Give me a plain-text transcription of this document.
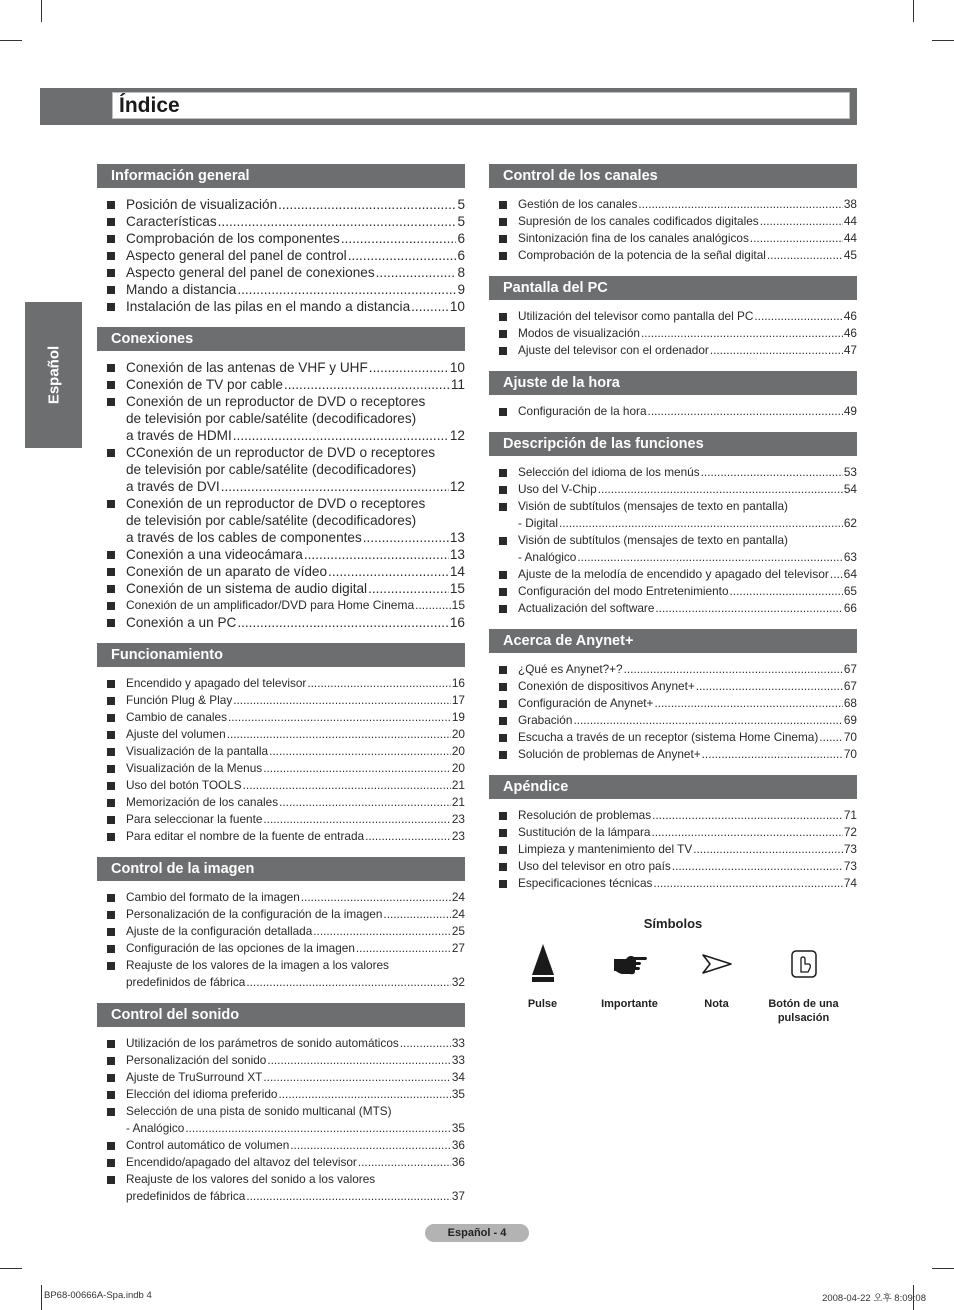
Índice
Español
Información general
Posición de visualización .....	5
Características .....	5
Comprobación de los componentes .....	6
Aspecto general del panel de control .....	6
Aspecto general del panel de conexiones .....	8
Mando a distancia .....	9
Instalación de las pilas en el mando a distancia .....	10
Conexiones
Conexión de las antenas de VHF y UHF .....	10
Conexión de TV por cable .....	11
Conexión de un reproductor de DVD o receptores
de televisión por cable/satélite (decodificadores)
a través de HDMI .....	12
CConexión de un reproductor de DVD o receptores
de televisión por cable/satélite (decodificadores)
a través de DVI .....	12
Conexión de un reproductor de DVD o receptores
de televisión por cable/satélite (decodificadores)
a través de los cables de componentes .....	13
Conexión a una videocámara .....	13
Conexión de un aparato de vídeo .....	14
Conexión de un sistema de audio digital .....	15
Conexión de un amplificador/DVD para Home Cinema .....	15
Conexión a un PC .....	16
Funcionamiento
Encendido y apagado del televisor .....	16
Función Plug & Play .....	17
Cambio de canales .....	19
Ajuste del volumen .....	20
Visualización de la pantalla .....	20
Visualización de la Menus .....	20
Uso del botón TOOLS .....	21
Memorización de los canales .....	21
Para seleccionar la fuente .....	23
Para editar el nombre de la fuente de entrada .....	23
Control de la imagen
Cambio del formato de la imagen .....	24
Personalización de la configuración de la imagen .....	24
Ajuste de la configuración detallada .....	25
Configuración de las opciones de la imagen .....	27
Reajuste de los valores de la imagen a los valores
predefinidos de fábrica .....	32
Control del sonido
Utilización de los parámetros de sonido automáticos .....	33
Personalización del sonido .....	33
Ajuste de TruSurround XT .....	34
Elección del idioma preferido .....	35
Selección de una pista de sonido multicanal (MTS)
- Analógico .....	35
Control automático de volumen .....	36
Encendido/apagado del altavoz del televisor .....	36
Reajuste de los valores del sonido a los valores
predefinidos de fábrica .....	37
Control de los canales
Gestión de los canales .....	38
Supresión de los canales codificados digitales .....	44
Sintonización fina de los canales analógicos .....	44
Comprobación de la potencia de la señal digital .....	45
Pantalla del PC
Utilización del televisor como pantalla del PC .....	46
Modos de visualización .....	46
Ajuste del televisor con el ordenador .....	47
Ajuste de la hora
Configuración de la hora .....	49
Descripción de las funciones
Selección del idioma de los menús .....	53
Uso del V-Chip .....	54
Visión de subtítulos (mensajes de texto en pantalla)
- Digital .....	62
Visión de subtítulos (mensajes de texto en pantalla)
- Analógico .....	63
Ajuste de la melodía de encendido y apagado del televisor ..... 64
Configuración del modo Entretenimiento .....	65
Actualización del software .....	66
Acerca de Anynet+
¿Qué es Anynet?+? .....	67
Conexión de dispositivos Anynet+ .....	67
Configuración de Anynet+ .....	68
Grabación .....	69
Escucha a través de un receptor (sistema Home Cinema) ..... 70
Solución de problemas de Anynet+ .....	70
Apéndice
Resolución de problemas .....	71
Sustitución de la lámpara .....	72
Limpieza y mantenimiento del TV .....	73
Uso del televisor en otro país .....	73
Especificaciones técnicas .....	74
Símbolos
Pulse	Importante	Nota	Botón de una pulsación
Español - 4
BP68-00666A-Spa.indb 4	2008-04-22 오후 8:09:08
